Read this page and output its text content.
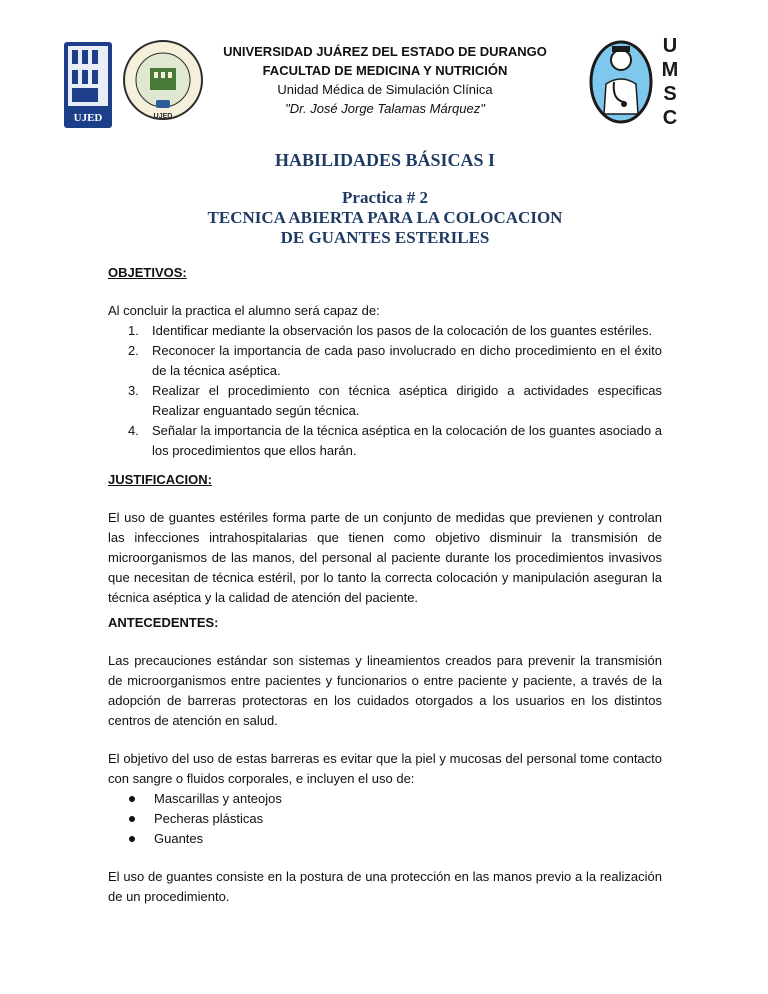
UJED	UJED
U
M
S
C
UNIVERSIDAD JUÁREZ DEL ESTADO DE DURANGO
FACULTAD DE MEDICINA Y NUTRICIÓN
Unidad Médica de Simulación Clínica
"Dr. José Jorge Talamas Márquez"
HABILIDADES BÁSICAS I
Practica # 2
TECNICA ABIERTA PARA LA COLOCACION
DE GUANTES ESTERILES
OBJETIVOS:

Al concluir la practica el alumno será capaz de:

1. Identificar mediante la observación los pasos de la colocación de los guantes estériles.
2. Reconocer la importancia de cada paso involucrado en dicho procedimiento en el éxito de la técnica aséptica.
3. Realizar el procedimiento con técnica aséptica dirigido a actividades especificas Realizar enguantado según técnica.
4. Señalar la importancia de la técnica aséptica en la colocación de los guantes asociado a los procedimientos que ellos harán.
JUSTIFICACION:

El uso de guantes estériles forma parte de un conjunto de medidas que previenen y controlan las infecciones intrahospitalarias que tienen como objetivo disminuir la transmisión de microorganismos de las manos, del personal al paciente durante los procedimientos invasivos que necesitan de técnica estéril, por lo tanto la correcta colocación y manipulación aseguran la técnica aséptica y la calidad de atención del paciente.

ANTECEDENTES:

Las precauciones estándar son sistemas y lineamientos creados para prevenir la transmisión de microorganismos entre pacientes y funcionarios o entre paciente y paciente, a través de la adopción de barreras protectoras en los cuidados otorgados a los usuarios en los distintos centros de atención en salud.

El objetivo del uso de estas barreras es evitar que la piel y mucosas del personal tome contacto con sangre o fluidos corporales, e incluyen el uso de:

Mascarillas y anteojos
Pecheras plásticas
Guantes

El uso de guantes consiste en la postura de una protección en las manos previo a la realización de un procedimiento.
